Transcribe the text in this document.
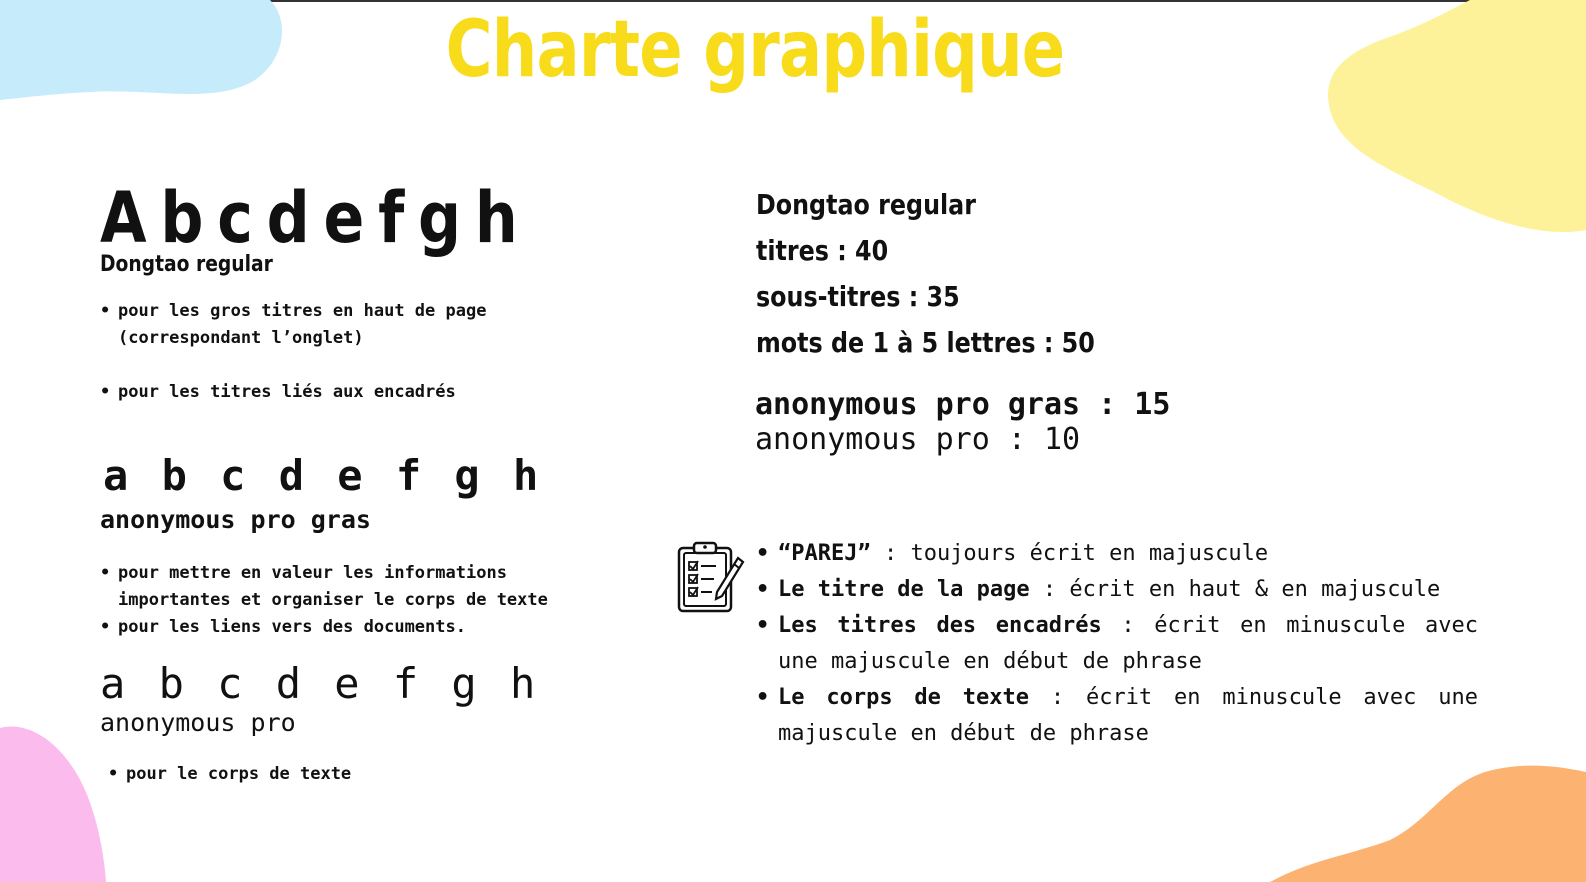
Charte graphique
Abcdefgh
Dongtao regular
• pour les gros titres en haut de page
(correspondant l’onglet)
• pour les titres liés aux encadrés
a b c d e f g h
anonymous pro gras
• pour mettre en valeur les informations
importantes et organiser le corps de texte
• pour les liens vers des documents.
a b c d e f g h
anonymous pro
• pour le corps de texte
Dongtao regular
titres : 40
sous-titres : 35
mots de 1 à 5 lettres : 50
anonymous pro gras : 15
anonymous pro : 10
• “PAREJ” : toujours écrit en majuscule
• Le titre de la page : écrit en haut & en majuscule
• Les titres des encadrés : écrit en minuscule avec une majuscule en début de phrase
• Le corps de texte : écrit en minuscule avec une majuscule en début de phrase
